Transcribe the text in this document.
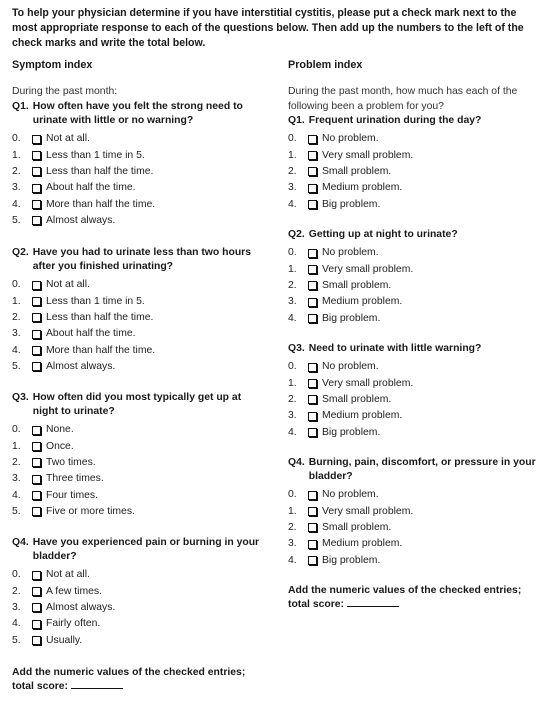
To help your physician determine if you have interstitial cystitis, please put a check mark next to the most appropriate response to each of the questions below. Then add up the numbers to the left of the check marks and write the total below.
Symptom index
During the past month:
Q1. How often have you felt the strong need to urinate with little or no warning?
0.	Not at all.
1.	Less than 1 time in 5.
2.	Less than half the time.
3.	About half the time.
4.	More than half the time.
5.	Almost always.
Q2. Have you had to urinate less than two hours after you finished urinating?
0.	Not at all.
1.	Less than 1 time in 5.
2.	Less than half the time.
3.	About half the time.
4.	More than half the time.
5.	Almost always.
Q3. How often did you most typically get up at night to urinate?
0.	None.
1.	Once.
2.	Two times.
3.	Three times.
4.	Four times.
5.	Five or more times.
Q4. Have you experienced pain or burning in your bladder?
0.	Not at all.
2.	A few times.
3.	Almost always.
4.	Fairly often.
5.	Usually.
Add the numeric values of the checked entries;
total score:
Problem index
During the past month, how much has each of the following been a problem for you?
Q1. Frequent urination during the day?
0.	No problem.
1.	Very small problem.
2.	Small problem.
3.	Medium problem.
4.	Big problem.
Q2. Getting up at night to urinate?
0.	No problem.
1.	Very small problem.
2.	Small problem.
3.	Medium problem.
4.	Big problem.
Q3. Need to urinate with little warning?
0.	No problem.
1.	Very small problem.
2.	Small problem.
3.	Medium problem.
4.	Big problem.
Q4. Burning, pain, discomfort, or pressure in your bladder?
0.	No problem.
1.	Very small problem.
2.	Small problem.
3.	Medium problem.
4.	Big problem.
Add the numeric values of the checked entries;
total score:
